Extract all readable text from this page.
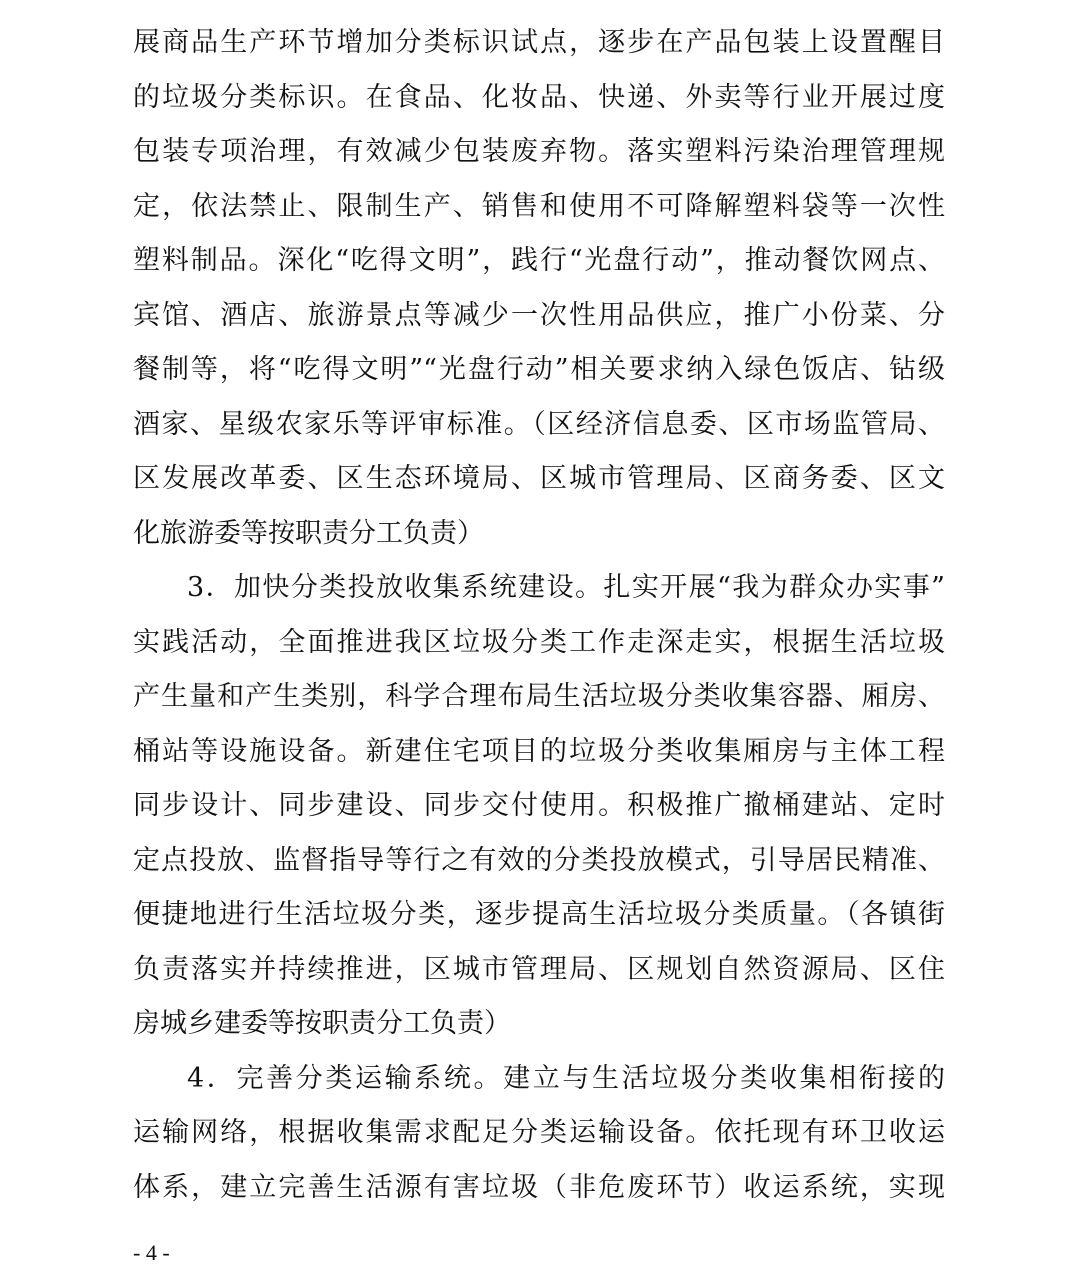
展商品生产环节增加分类标识试点，逐步在产品包装上设置醒目
的垃圾分类标识。在食品、化妆品、快递、外卖等行业开展过度
包装专项治理，有效减少包装废弃物。落实塑料污染治理管理规
定，依法禁止、限制生产、销售和使用不可降解塑料袋等一次性
塑料制品。深化“吃得文明”，践行“光盘行动”，推动餐饮网点、
宾馆、酒店、旅游景点等减少一次性用品供应，推广小份菜、分
餐制等，将“吃得文明”“光盘行动”相关要求纳入绿色饭店、钻级
酒家、星级农家乐等评审标准。（区经济信息委、区市场监管局、
区发展改革委、区生态环境局、区城市管理局、区商务委、区文
化旅游委等按职责分工负责）
3．加快分类投放收集系统建设。扎实开展“我为群众办实事”
实践活动，全面推进我区垃圾分类工作走深走实，根据生活垃圾
产生量和产生类别，科学合理布局生活垃圾分类收集容器、厢房、
桶站等设施设备。新建住宅项目的垃圾分类收集厢房与主体工程
同步设计、同步建设、同步交付使用。积极推广撤桶建站、定时
定点投放、监督指导等行之有效的分类投放模式，引导居民精准、
便捷地进行生活垃圾分类，逐步提高生活垃圾分类质量。（各镇街
负责落实并持续推进，区城市管理局、区规划自然资源局、区住
房城乡建委等按职责分工负责）
4．完善分类运输系统。建立与生活垃圾分类收集相衔接的
运输网络，根据收集需求配足分类运输设备。依托现有环卫收运
体系，建立完善生活源有害垃圾（非危废环节）收运系统，实现
- 4 -
